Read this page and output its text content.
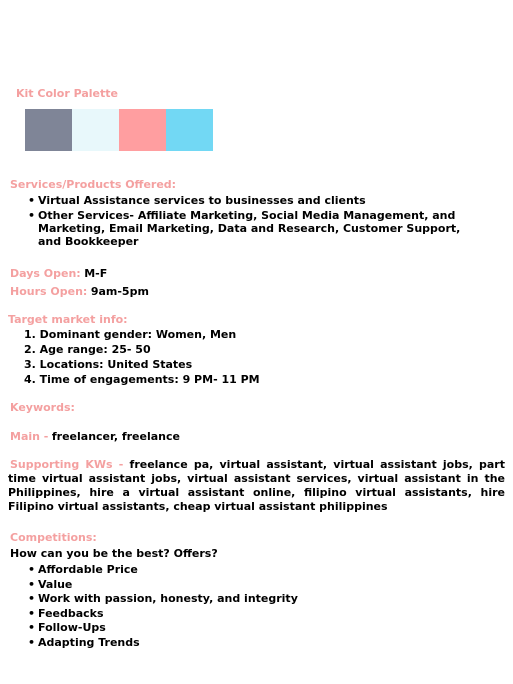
Kit Color Palette
Services/Products Offered:
• Virtual Assistance services to businesses and clients
• Other Services- Affiliate Marketing, Social Media Management, and Marketing, Email Marketing, Data and Research, Customer Support, and Bookkeeper
Days Open: M-F
Hours Open: 9am-5pm
Target market info:
1. Dominant gender: Women, Men
2. Age range: 25- 50
3. Locations: United States
4. Time of engagements: 9 PM- 11 PM
Keywords:
Main - freelancer, freelance
Supporting KWs - freelance pa, virtual assistant, virtual assistant jobs, part time virtual assistant jobs, virtual assistant services, virtual assistant in the Philippines, hire a virtual assistant online, filipino virtual assistants, hire Filipino virtual assistants, cheap virtual assistant philippines
Competitions:
How can you be the best? Offers?
• Affordable Price
• Value
• Work with passion, honesty, and integrity
• Feedbacks
• Follow-Ups
• Adapting Trends
